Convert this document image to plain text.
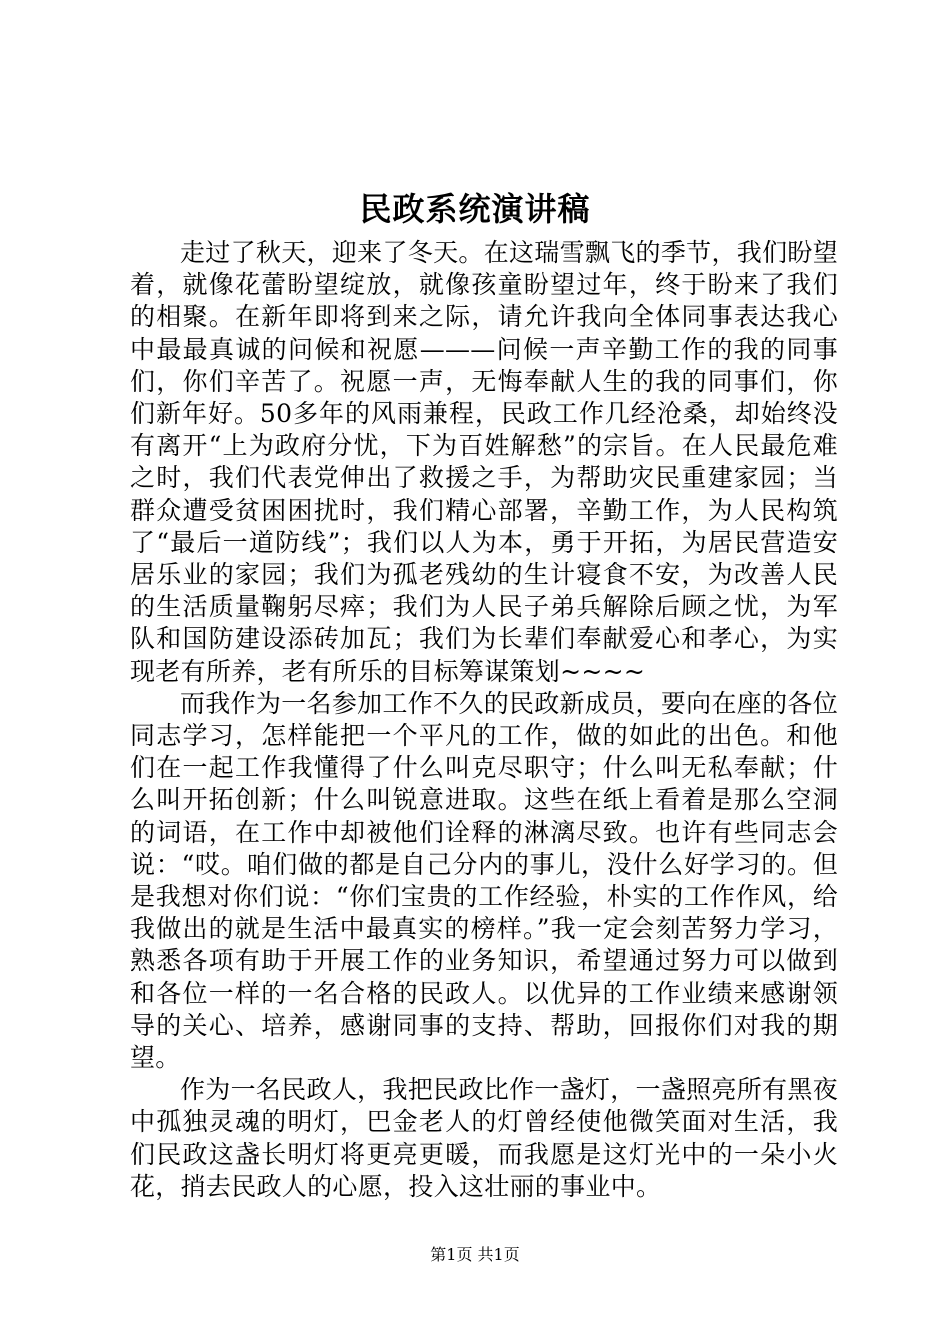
民政系统演讲稿

走过了秋天，迎来了冬天。在这瑞雪飘飞的季节，我们盼望着，就像花蕾盼望绽放，就像孩童盼望过年，终于盼来了我们的相聚。在新年即将到来之际，请允许我向全体同事表达我心中最最真诚的问候和祝愿———问候一声辛勤工作的我的同事们，你们辛苦了。祝愿一声，无悔奉献人生的我的同事们，你们新年好。50多年的风雨兼程，民政工作几经沧桑，却始终没有离开“上为政府分忧，下为百姓解愁”的宗旨。在人民最危难之时，我们代表党伸出了救援之手，为帮助灾民重建家园；当群众遭受贫困困扰时，我们精心部署，辛勤工作，为人民构筑了“最后一道防线”；我们以人为本，勇于开拓，为居民营造安居乐业的家园；我们为孤老残幼的生计寝食不安，为改善人民的生活质量鞠躬尽瘁；我们为人民子弟兵解除后顾之忧，为军队和国防建设添砖加瓦；我们为长辈们奉献爱心和孝心，为实现老有所养，老有所乐的目标筹谋策划~~~~

而我作为一名参加工作不久的民政新成员，要向在座的各位同志学习，怎样能把一个平凡的工作，做的如此的出色。和他们在一起工作我懂得了什么叫克尽职守；什么叫无私奉献；什么叫开拓创新；什么叫锐意进取。这些在纸上看着是那么空洞的词语，在工作中却被他们诠释的淋漓尽致。也许有些同志会说：“哎。咱们做的都是自己分内的事儿，没什么好学习的。但是我想对你们说：“你们宝贵的工作经验，朴实的工作作风，给我做出的就是生活中最真实的榜样。”我一定会刻苦努力学习，熟悉各项有助于开展工作的业务知识，希望通过努力可以做到和各位一样的一名合格的民政人。以优异的工作业绩来感谢领导的关心、培养，感谢同事的支持、帮助，回报你们对我的期望。

作为一名民政人，我把民政比作一盏灯，一盏照亮所有黑夜中孤独灵魂的明灯，巴金老人的灯曾经使他微笑面对生活，我们民政这盏长明灯将更亮更暖，而我愿是这灯光中的一朵小火花，捎去民政人的心愿，投入这壮丽的事业中。

第1页 共1页
